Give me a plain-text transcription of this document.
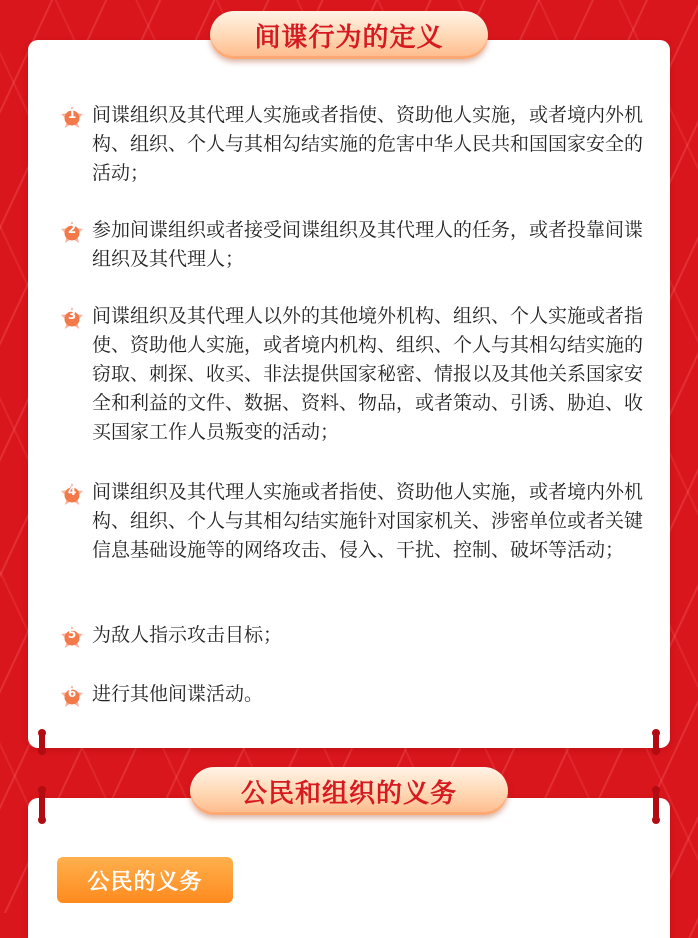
间谍行为的定义
1 间谍组织及其代理人实施或者指使、资助他人实施，或者境内外机构、组织、个人与其相勾结实施的危害中华人民共和国国家安全的活动；
2 参加间谍组织或者接受间谍组织及其代理人的任务，或者投靠间谍组织及其代理人；
3 间谍组织及其代理人以外的其他境外机构、组织、个人实施或者指使、资助他人实施，或者境内机构、组织、个人与其相勾结实施的窃取、刺探、收买、非法提供国家秘密、情报以及其他关系国家安全和利益的文件、数据、资料、物品，或者策动、引诱、胁迫、收买国家工作人员叛变的活动；
4 间谍组织及其代理人实施或者指使、资助他人实施，或者境内外机构、组织、个人与其相勾结实施针对国家机关、涉密单位或者关键信息基础设施等的网络攻击、侵入、干扰、控制、破坏等活动；
5 为敌人指示攻击目标；
6 进行其他间谍活动。
公民和组织的义务
公民的义务
